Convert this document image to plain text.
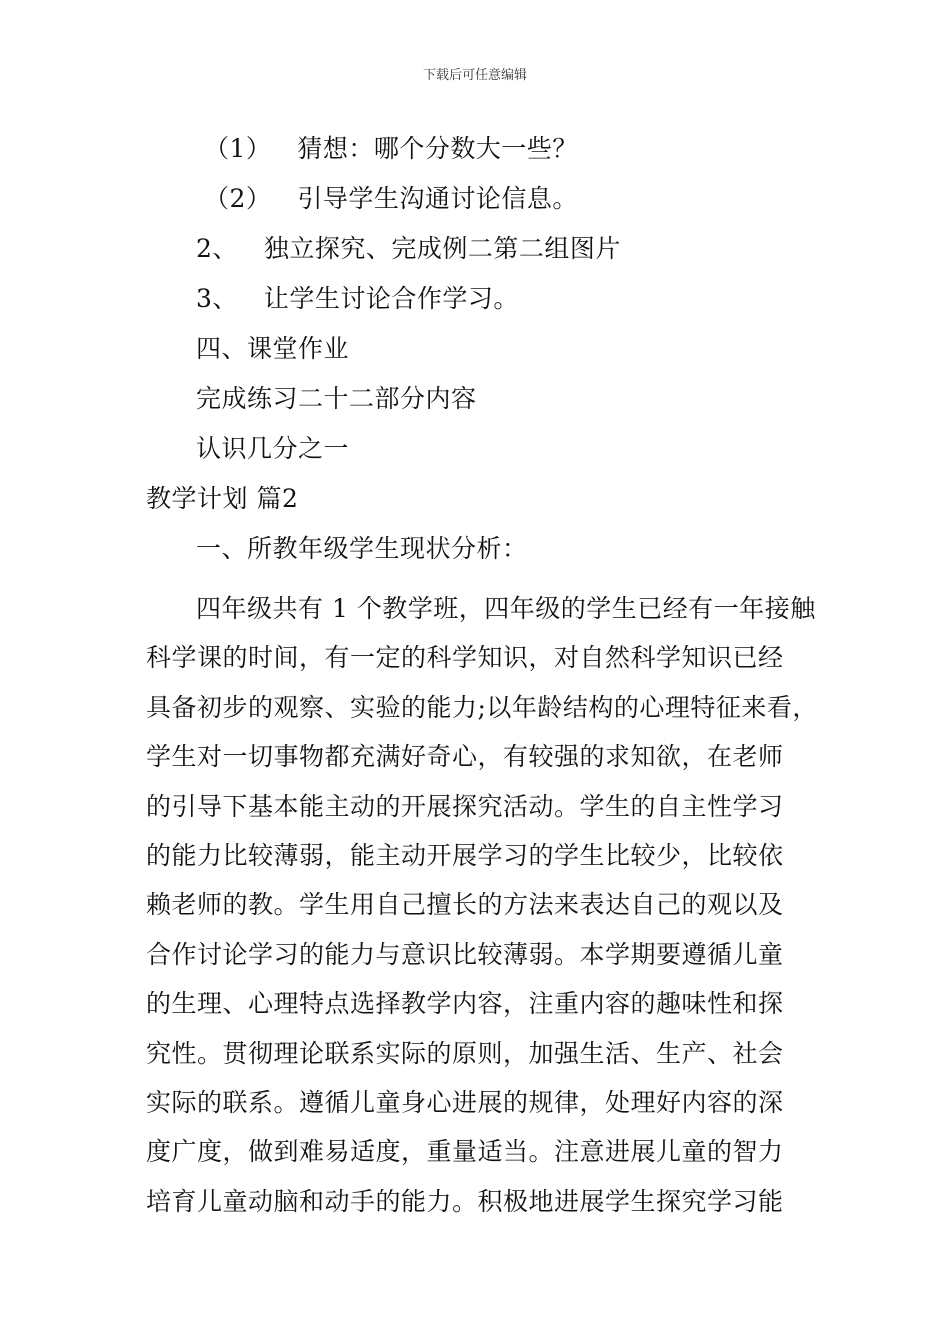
下载后可任意编辑
（1） 猜想：哪个分数大一些？
（2） 引导学生沟通讨论信息。
2、 独立探究、完成例二第二组图片
3、 让学生讨论合作学习。
四、课堂作业
完成练习二十二部分内容
认识几分之一
教学计划 篇2
一、所教年级学生现状分析：
四年级共有 1 个教学班，四年级的学生已经有一年接触
科学课的时间，有一定的科学知识，对自然科学知识已经
具备初步的观察、实验的能力;以年龄结构的心理特征来看，
学生对一切事物都充满好奇心，有较强的求知欲，在老师
的引导下基本能主动的开展探究活动。学生的自主性学习
的能力比较薄弱，能主动开展学习的学生比较少，比较依
赖老师的教。学生用自己擅长的方法来表达自己的观以及
合作讨论学习的能力与意识比较薄弱。本学期要遵循儿童
的生理、心理特点选择教学内容，注重内容的趣味性和探
究性。贯彻理论联系实际的原则，加强生活、生产、社会
实际的联系。遵循儿童身心进展的规律，处理好内容的深
度广度，做到难易适度，重量适当。注意进展儿童的智力
培育儿童动脑和动手的能力。积极地进展学生探究学习能
